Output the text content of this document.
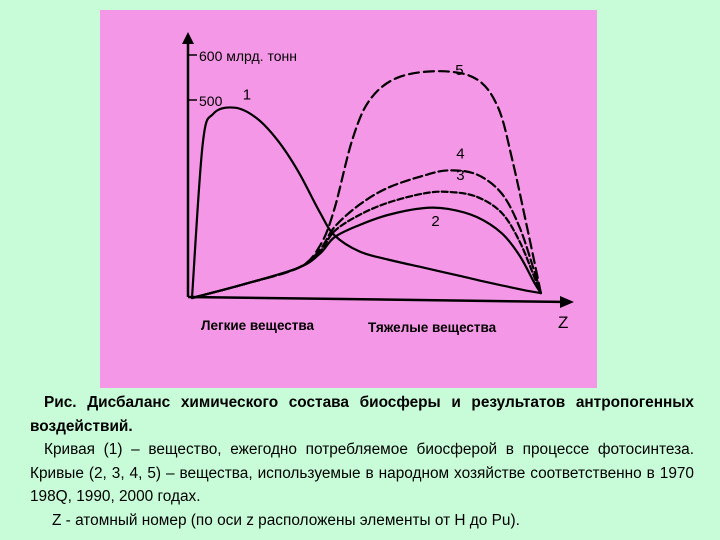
600 млрд. тонн
500
Z
Легкие вещества	Тяжелые вещества
1
2
3
4
5

Рис. Дисбаланс химического состава биосферы и результатов антропогенных воздействий.

Кривая (1) – вещество, ежегодно потребляемое биосферой в процессе фотосинтеза. Кривые (2, 3, 4, 5) – вещества, используемые в народном хозяйстве соответственно в 1970 198Q, 1990, 2000 годах.

Z - атомный номер (по оси z расположены элементы от H до Pu).
